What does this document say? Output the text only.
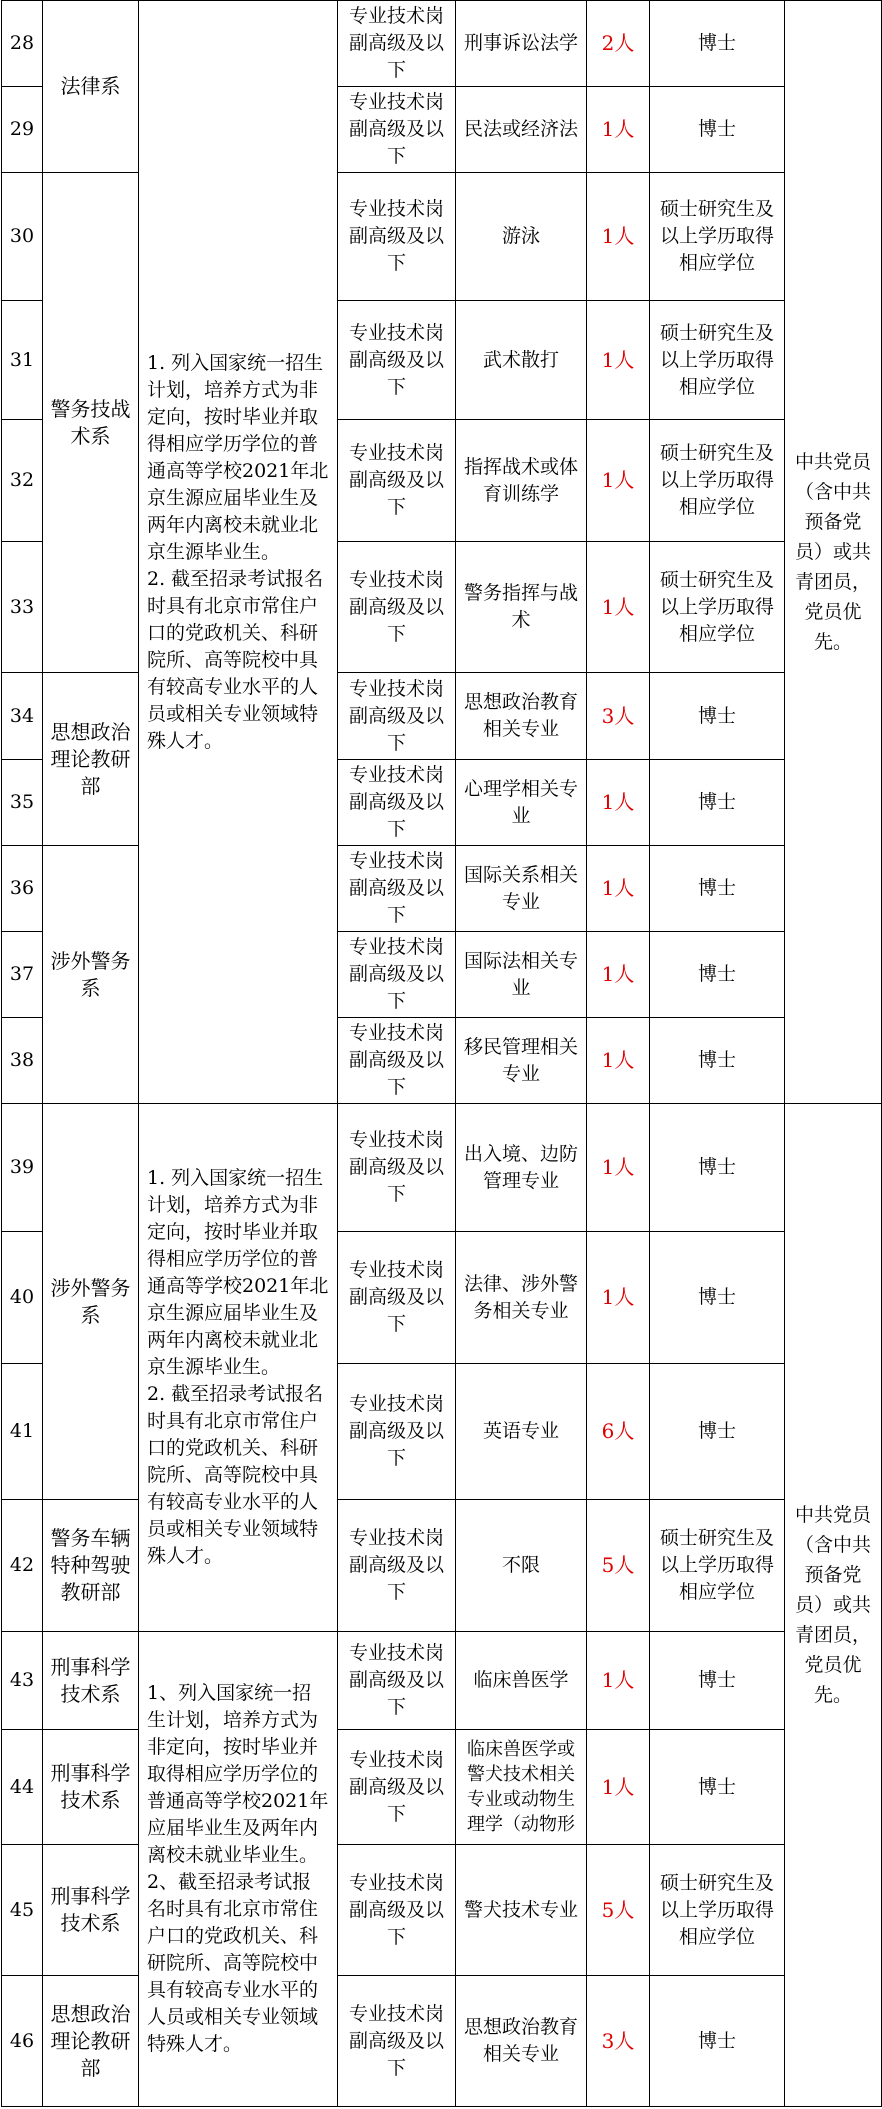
28	法律系	1. 列入国家统一招生计划，培养方式为非定向，按时毕业并取得相应学历学位的普通高等学校2021年北京生源应届毕业生及两年内离校未就业北京生源毕业生。

2. 截至招录考试报名时具有北京市常住户口的党政机关、科研院所、高等院校中具有较高专业水平的人员或相关专业领域特殊人才。	专业技术岗副高级及以下	刑事诉讼法学	2人	博士	中共党员（含中共预备党员）或共青团员，党员优先。
29			专业技术岗副高级及以下	民法或经济法	1人	博士	
30	警务技战术系		专业技术岗副高级及以下	游泳	1人	硕士研究生及以上学历取得相应学位	
31			专业技术岗副高级及以下	武术散打	1人	硕士研究生及以上学历取得相应学位	
32			专业技术岗副高级及以下	指挥战术或体育训练学	1人	硕士研究生及以上学历取得相应学位	
33			专业技术岗副高级及以下	警务指挥与战术	1人	硕士研究生及以上学历取得相应学位	
34	思想政治理论教研部		专业技术岗副高级及以下	思想政治教育相关专业	3人	博士	
35			专业技术岗副高级及以下	心理学相关专业	1人	博士	
36	涉外警务系		专业技术岗副高级及以下	国际关系相关专业	1人	博士	
37			专业技术岗副高级及以下	国际法相关专业	1人	博士	
38			专业技术岗副高级及以下	移民管理相关专业	1人	博士	
39	涉外警务系	1. 列入国家统一招生计划，培养方式为非定向，按时毕业并取得相应学历学位的普通高等学校2021年北京生源应届毕业生及两年内离校未就业北京生源毕业生。

2. 截至招录考试报名时具有北京市常住户口的党政机关、科研院所、高等院校中具有较高专业水平的人员或相关专业领域特殊人才。	专业技术岗副高级及以下	出入境、边防管理专业	1人	博士	中共党员（含中共预备党员）或共青团员，党员优先。
40			专业技术岗副高级及以下	法律、涉外警务相关专业	1人	博士	
41			专业技术岗副高级及以下	英语专业	6人	博士	
42	警务车辆特种驾驶教研部		专业技术岗副高级及以下	不限	5人	硕士研究生及以上学历取得相应学位	
43	刑事科学技术系	1、列入国家统一招生计划，培养方式为非定向，按时毕业并取得相应学历学位的普通高等学校2021年应届毕业生及两年内离校未就业毕业生。

2、截至招录考试报名时具有北京市常住户口的党政机关、科研院所、高等院校中具有较高专业水平的人员或相关专业领域特殊人才。	专业技术岗副高级及以下	临床兽医学	1人	博士	
44	刑事科学技术系		专业技术岗副高级及以下	临床兽医学或警犬技术相关专业或动物生理学（动物形	1人	博士	
45	刑事科学技术系		专业技术岗副高级及以下	警犬技术专业	5人	硕士研究生及以上学历取得相应学位	
46	思想政治理论教研部		专业技术岗副高级及以下	思想政治教育相关专业	3人	博士	
